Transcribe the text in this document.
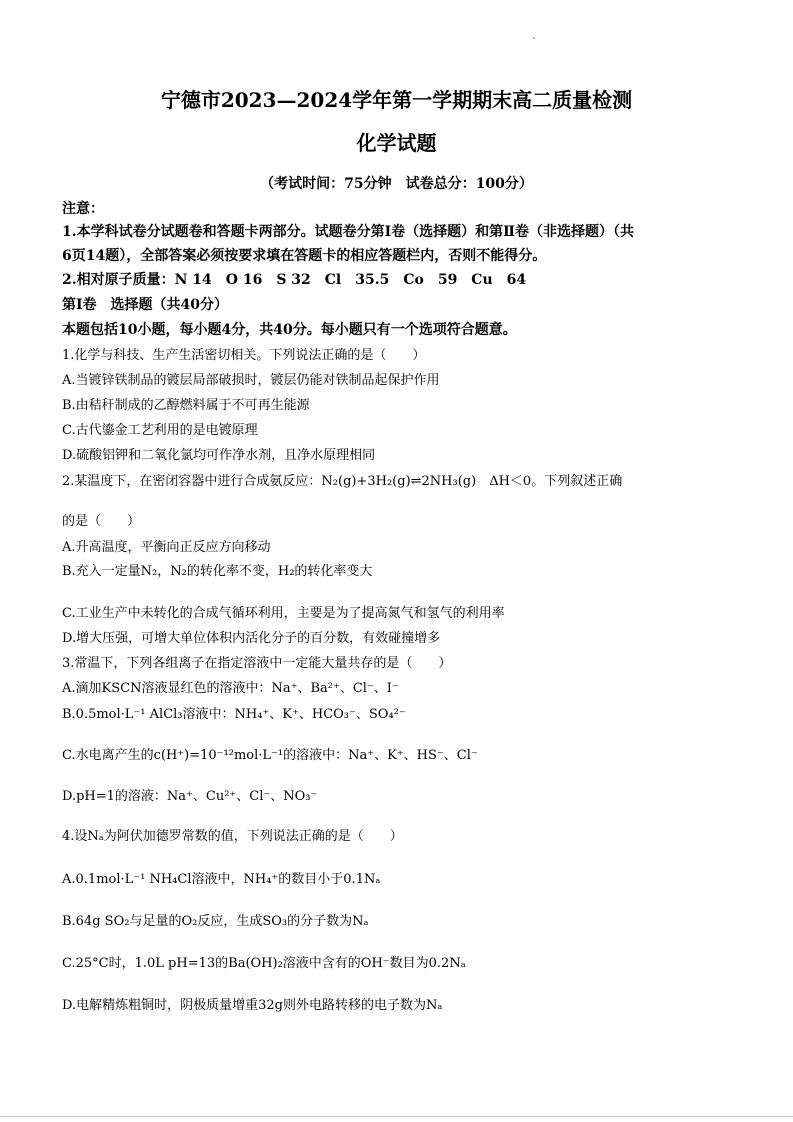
宁德市2023—2024学年第一学期期末高二质量检测
化学试题
（考试时间：75分钟　试卷总分：100分）
注意：
1.本学科试卷分试题卷和答题卡两部分。试题卷分第Ⅰ卷（选择题）和第Ⅱ卷（非选择题）（共
6页14题），全部答案必须按要求填在答题卡的相应答题栏内，否则不能得分。
2.相对原子质量：N 14　O 16　S 32　Cl　35.5　Co　59　Cu　64
第Ⅰ卷　选择题（共40分）
本题包括10小题，每小题4分，共40分。每小题只有一个选项符合题意。
1.化学与科技、生产生活密切相关。下列说法正确的是（　　）
A.当镀锌铁制品的镀层局部破损时，镀层仍能对铁制品起保护作用
B.由秸秆制成的乙醇燃料属于不可再生能源
C.古代鎏金工艺利用的是电镀原理
D.硫酸铝钾和二氧化氯均可作净水剂，且净水原理相同
2.某温度下，在密闭容器中进行合成氨反应：N₂(g)+3H₂(g)⇌2NH₃(g)　ΔH＜0。下列叙述正确
的是（　　）
A.升高温度，平衡向正反应方向移动
B.充入一定量N₂，N₂的转化率不变，H₂的转化率变大
C.工业生产中未转化的合成气循环利用，主要是为了提高氮气和氢气的利用率
D.增大压强，可增大单位体积内活化分子的百分数，有效碰撞增多
3.常温下，下列各组离子在指定溶液中一定能大量共存的是（　　）
A.滴加KSCN溶液显红色的溶液中：Na⁺、Ba²⁺、Cl⁻、I⁻
B.0.5mol·L⁻¹ AlCl₃溶液中：NH₄⁺、K⁺、HCO₃⁻、SO₄²⁻
C.水电离产生的c(H⁺)=10⁻¹²mol·L⁻¹的溶液中：Na⁺、K⁺、HS⁻、Cl⁻
D.pH=1的溶液：Na⁺、Cu²⁺、Cl⁻、NO₃⁻
4.设Nₐ为阿伏加德罗常数的值，下列说法正确的是（　　）
A.0.1mol·L⁻¹ NH₄Cl溶液中，NH₄⁺的数目小于0.1Nₐ
B.64g SO₂与足量的O₂反应，生成SO₃的分子数为Nₐ
C.25°C时，1.0L pH=13的Ba(OH)₂溶液中含有的OH⁻数目为0.2Nₐ
D.电解精炼粗铜时，阴极质量增重32g则外电路转移的电子数为Nₐ
